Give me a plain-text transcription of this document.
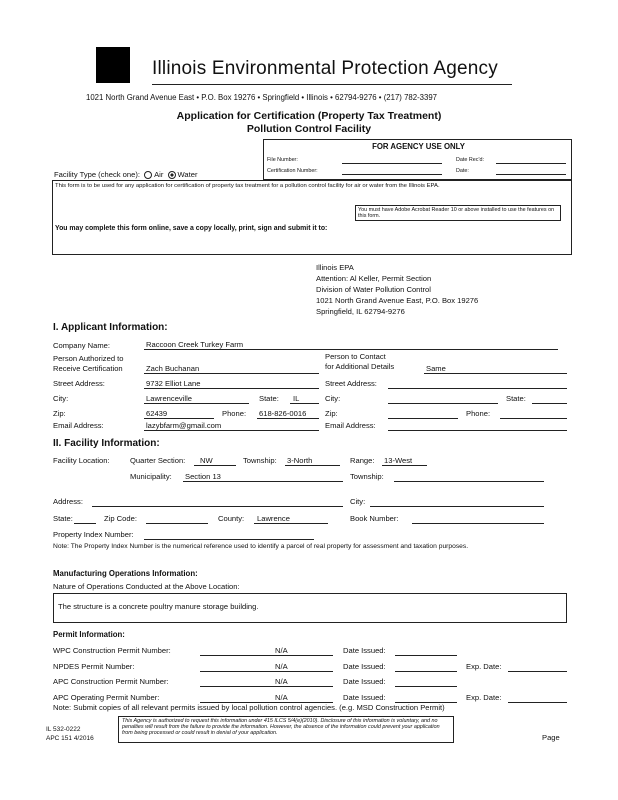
Illinois Environmental Protection Agency
1021 North Grand Avenue East • P.O. Box 19276 • Springfield • Illinois • 62794-9276 • (217) 782-3397
Application for Certification (Property Tax Treatment)
Pollution Control Facility
FOR AGENCY USE ONLY
File Number:	Date Rec'd:
Certification Number:	Date:
Facility Type (check one): Air Water
This form is to be used for any application for certification of property tax treatment for a pollution control facility for air or water from the Illinois EPA.
You must have Adobe Acrobat Reader 10 or above installed to use the features on this form.
You may complete this form online, save a copy locally, print, sign and submit it to:
Illinois EPA
Attention: Al Keller, Permit Section
Division of Water Pollution Control
1021 North Grand Avenue East, P.O. Box 19276
Springfield, IL 62794-9276
I. Applicant Information:
Company Name:	Raccoon Creek Turkey Farm
Person Authorized to
Receive Certification	Zach Buchanan
Person to Contact
for Additional Details	Same
Street Address:	9732 Elliot Lane	Street Address:
City:	Lawrenceville	State: IL	City:	State:
Zip:	62439	Phone: 618-826-0016 Zip:	Phone:
Email Address:	lazybfarm@gmail.com	Email Address:
II. Facility Information:
Facility Location:	Quarter Section: NW	Township: 3-North	Range: 13-West
Municipality: Section 13	Township:
Address:	City:
State:	Zip Code:	County: Lawrence	Book Number:
Property Index Number:
Note: The Property Index Number is the numerical reference used to identify a parcel of real property for assessment and taxation purposes.
Manufacturing Operations Information:
Nature of Operations Conducted at the Above Location:
The structure is a concrete poultry manure storage building.
Permit Information:
WPC Construction Permit Number:	N/A	Date Issued:
NPDES Permit Number:	N/A	Date Issued:	Exp. Date:
APC Construction Permit Number:	N/A	Date Issued:
APC Operating Permit Number:	N/A	Date Issued:	Exp. Date:
Note: Submit copies of all relevant permits issued by local pollution control agencies. (e.g. MSD Construction Permit)
IL 532-0222
APC 151 4/2016
This Agency is authorized to request this information under 415 ILCS 5/4(e)(2010). Disclosure of this information is voluntary, and no penalties will result from the failure to provide the information. However, the absence of the information could prevent your application from being processed or could result in denial of your application.	Page
